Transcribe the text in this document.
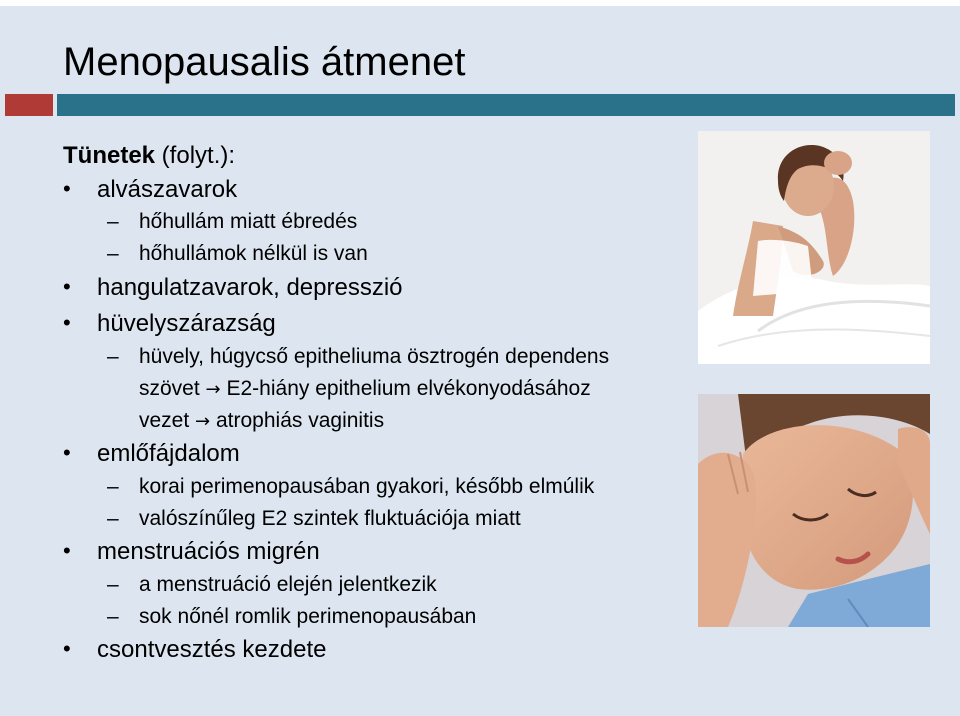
Menopausalis átmenet
Tünetek (folyt.):
• alvászavarok
– hőhullám miatt ébredés
– hőhullámok nélkül is van
• hangulatzavarok, depresszió
• hüvelyszárazság
– hüvely, húgycső epitheliuma ösztrogén dependens
szövet → E2-hiány epithelium elvékonyodásához
vezet → atrophiás vaginitis
• emlőfájdalom
– korai perimenopausában gyakori, később elmúlik
– valószínűleg E2 szintek fluktuációja miatt
• menstruációs migrén
– a menstruáció elején jelentkezik
– sok nőnél romlik perimenopausában
• csontvesztés kezdete
